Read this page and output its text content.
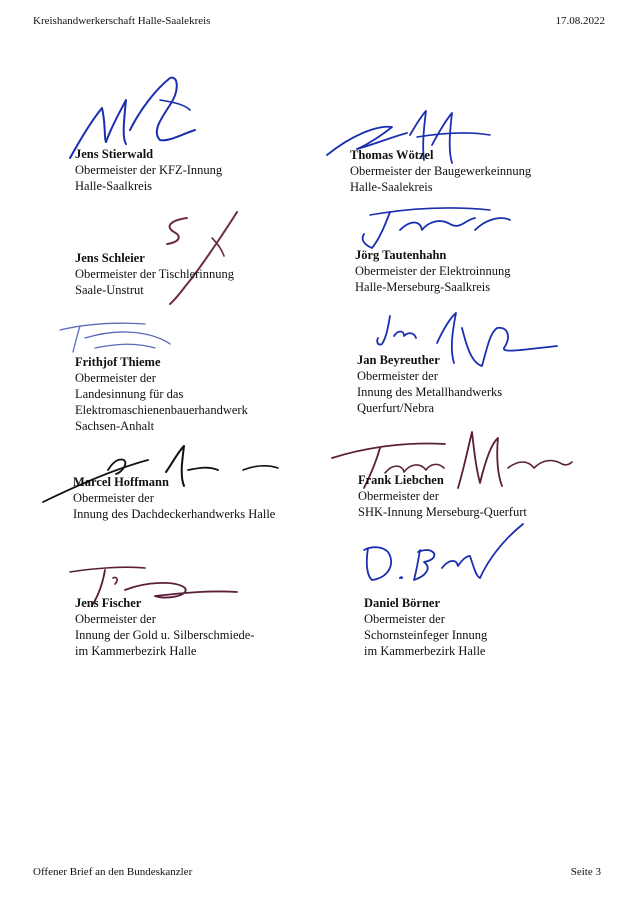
Kreishandwerkerschaft Halle-Saalekreis	17.08.2022
Jens Stierwald
Obermeister der KFZ-Innung
Halle-Saalkreis
Thomas Wötzel
Obermeister der Baugewerkeinnung
Halle-Saalekreis
Jens Schleier
Obermeister der Tischlerinnung
Saale-Unstrut
Jörg Tautenhahn
Obermeister der Elektroinnung
Halle-Merseburg-Saalkreis
Frithjof Thieme
Obermeister der
Landesinnung für das
Elektromaschienenbauerhandwerk
Sachsen-Anhalt
Jan Beyreuther
Obermeister der
Innung des Metallhandwerks
Querfurt/Nebra
Marcel Hoffmann
Obermeister der
Innung des Dachdeckerhandwerks Halle
Frank Liebchen
Obermeister der
SHK-Innung Merseburg-Querfurt
Jens Fischer
Obermeister der
Innung der Gold u. Silberschmiede-
im Kammerbezirk Halle
Daniel Börner
Obermeister der
Schornsteinfeger Innung
im Kammerbezirk Halle
Offener Brief an den Bundeskanzler	Seite 3
